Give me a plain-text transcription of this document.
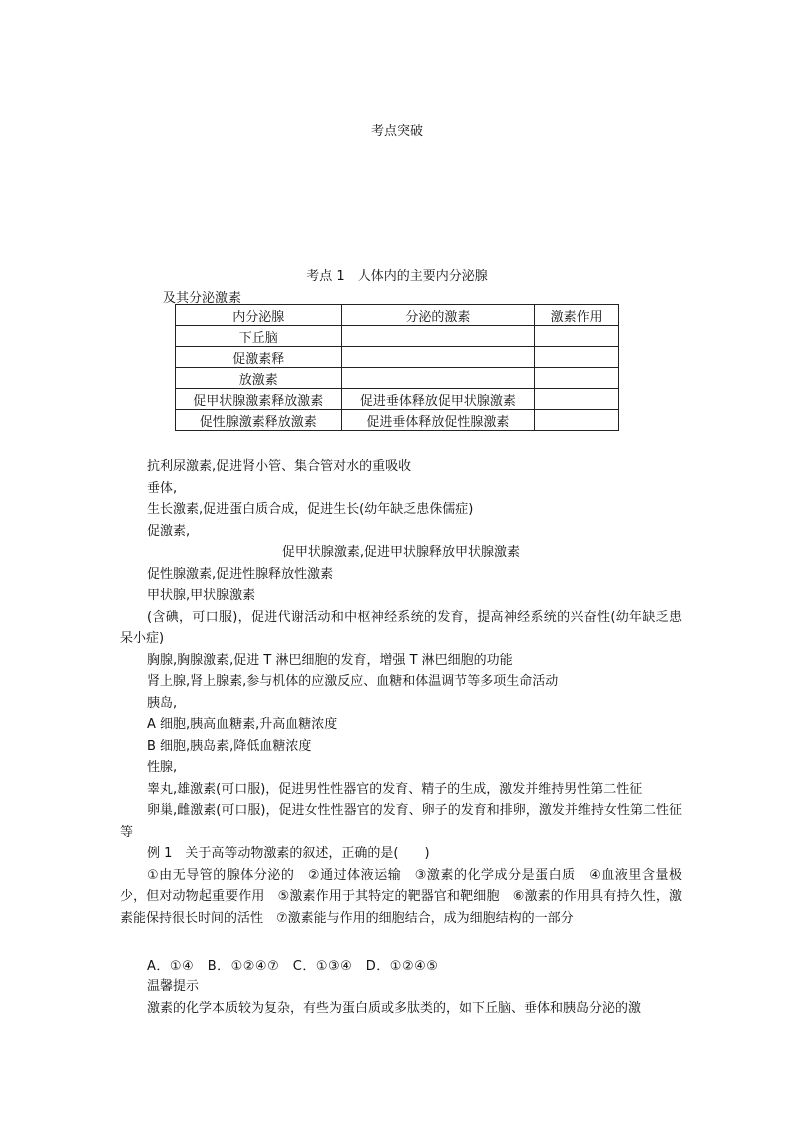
考点突破
考点 1　人体内的主要内分泌腺
及其分泌激素
内分泌腺	分泌的激素	激素作用
下丘脑		
促激素释		
放激素		
促甲状腺激素释放激素	促进垂体释放促甲状腺激素	
促性腺激素释放激素	促进垂体释放促性腺激素	

抗利尿激素,促进肾小管、集合管对水的重吸收

垂体,

生长激素,促进蛋白质合成，促进生长(幼年缺乏患侏儒症)

促激素,

促甲状腺激素,促进甲状腺释放甲状腺激素

促性腺激素,促进性腺释放性激素

甲状腺,甲状腺激素

(含碘，可口服)，促进代谢活动和中枢神经系统的发育，提高神经系统的兴奋性(幼年缺乏患呆小症)

胸腺,胸腺激素,促进 T 淋巴细胞的发育，增强 T 淋巴细胞的功能

肾上腺,肾上腺素,参与机体的应激反应、血糖和体温调节等多项生命活动

胰岛,

A 细胞,胰高血糖素,升高血糖浓度

B 细胞,胰岛素,降低血糖浓度

性腺,

睾丸,雄激素(可口服)，促进男性性器官的发育、精子的生成，激发并维持男性第二性征

卵巢,雌激素(可口服)，促进女性性器官的发育、卵子的发育和排卵，激发并维持女性第二性征等

例 1　关于高等动物激素的叙述，正确的是(　　)

①由无导管的腺体分泌的　②通过体液运输　③激素的化学成分是蛋白质　④血液里含量极少，但对动物起重要作用　⑤激素作用于其特定的靶器官和靶细胞　⑥激素的作用具有持久性，激素能保持很长时间的活性　⑦激素能与作用的细胞结合，成为细胞结构的一部分

A．①④　B．①②④⑦　C．①③④　D．①②④⑤

温馨提示

激素的化学本质较为复杂，有些为蛋白质或多肽类的，如下丘脑、垂体和胰岛分泌的激
